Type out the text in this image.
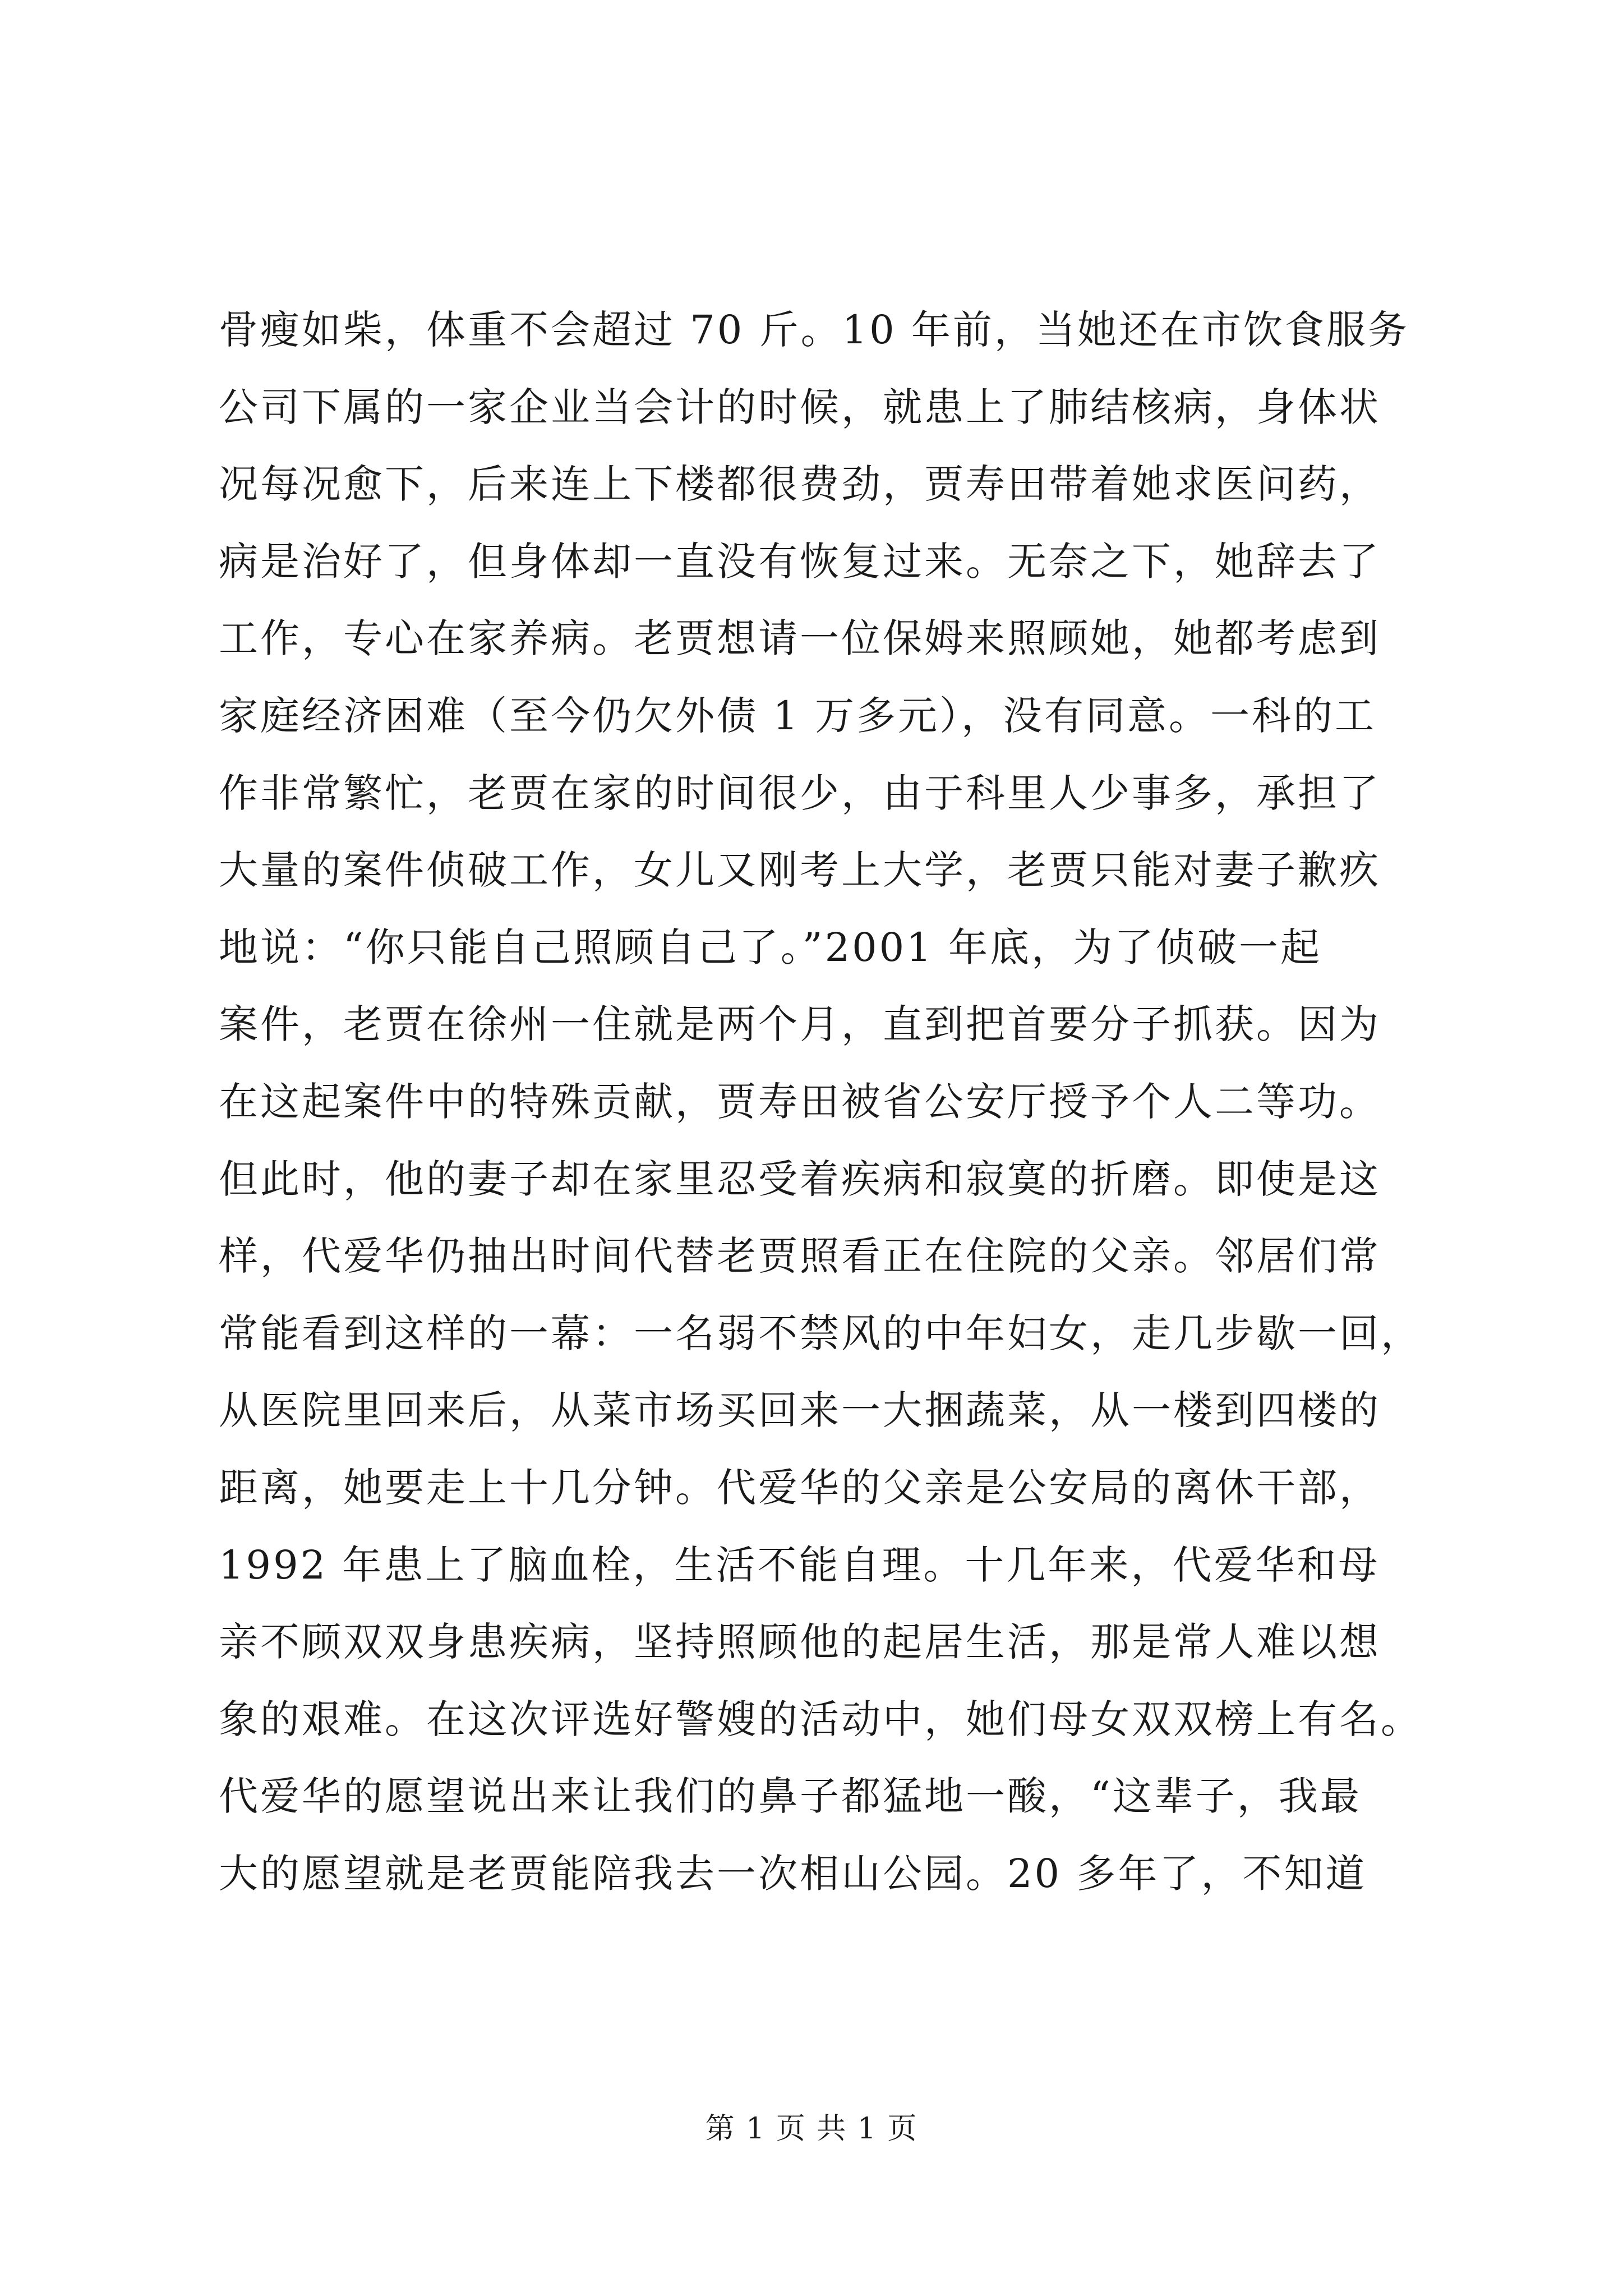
骨瘦如柴，体重不会超过 70 斤。10 年前，当她还在市饮食服务
公司下属的一家企业当会计的时候，就患上了肺结核病，身体状
况每况愈下，后来连上下楼都很费劲，贾寿田带着她求医问药，
病是治好了，但身体却一直没有恢复过来。无奈之下，她辞去了
工作，专心在家养病。老贾想请一位保姆来照顾她，她都考虑到
家庭经济困难（至今仍欠外债 1 万多元），没有同意。一科的工
作非常繁忙，老贾在家的时间很少，由于科里人少事多，承担了
大量的案件侦破工作，女儿又刚考上大学，老贾只能对妻子歉疚
地说：“你只能自己照顾自己了。”2001 年底，为了侦破一起
案件，老贾在徐州一住就是两个月，直到把首要分子抓获。因为
在这起案件中的特殊贡献，贾寿田被省公安厅授予个人二等功。
但此时，他的妻子却在家里忍受着疾病和寂寞的折磨。即使是这
样，代爱华仍抽出时间代替老贾照看正在住院的父亲。邻居们常
常能看到这样的一幕：一名弱不禁风的中年妇女，走几步歇一回，
从医院里回来后，从菜市场买回来一大捆蔬菜，从一楼到四楼的
距离，她要走上十几分钟。代爱华的父亲是公安局的离休干部，
1992 年患上了脑血栓，生活不能自理。十几年来，代爱华和母
亲不顾双双身患疾病，坚持照顾他的起居生活，那是常人难以想
象的艰难。在这次评选好警嫂的活动中，她们母女双双榜上有名。
代爱华的愿望说出来让我们的鼻子都猛地一酸，“这辈子，我最
大的愿望就是老贾能陪我去一次相山公园。20 多年了，不知道
第 1 页 共 1 页
